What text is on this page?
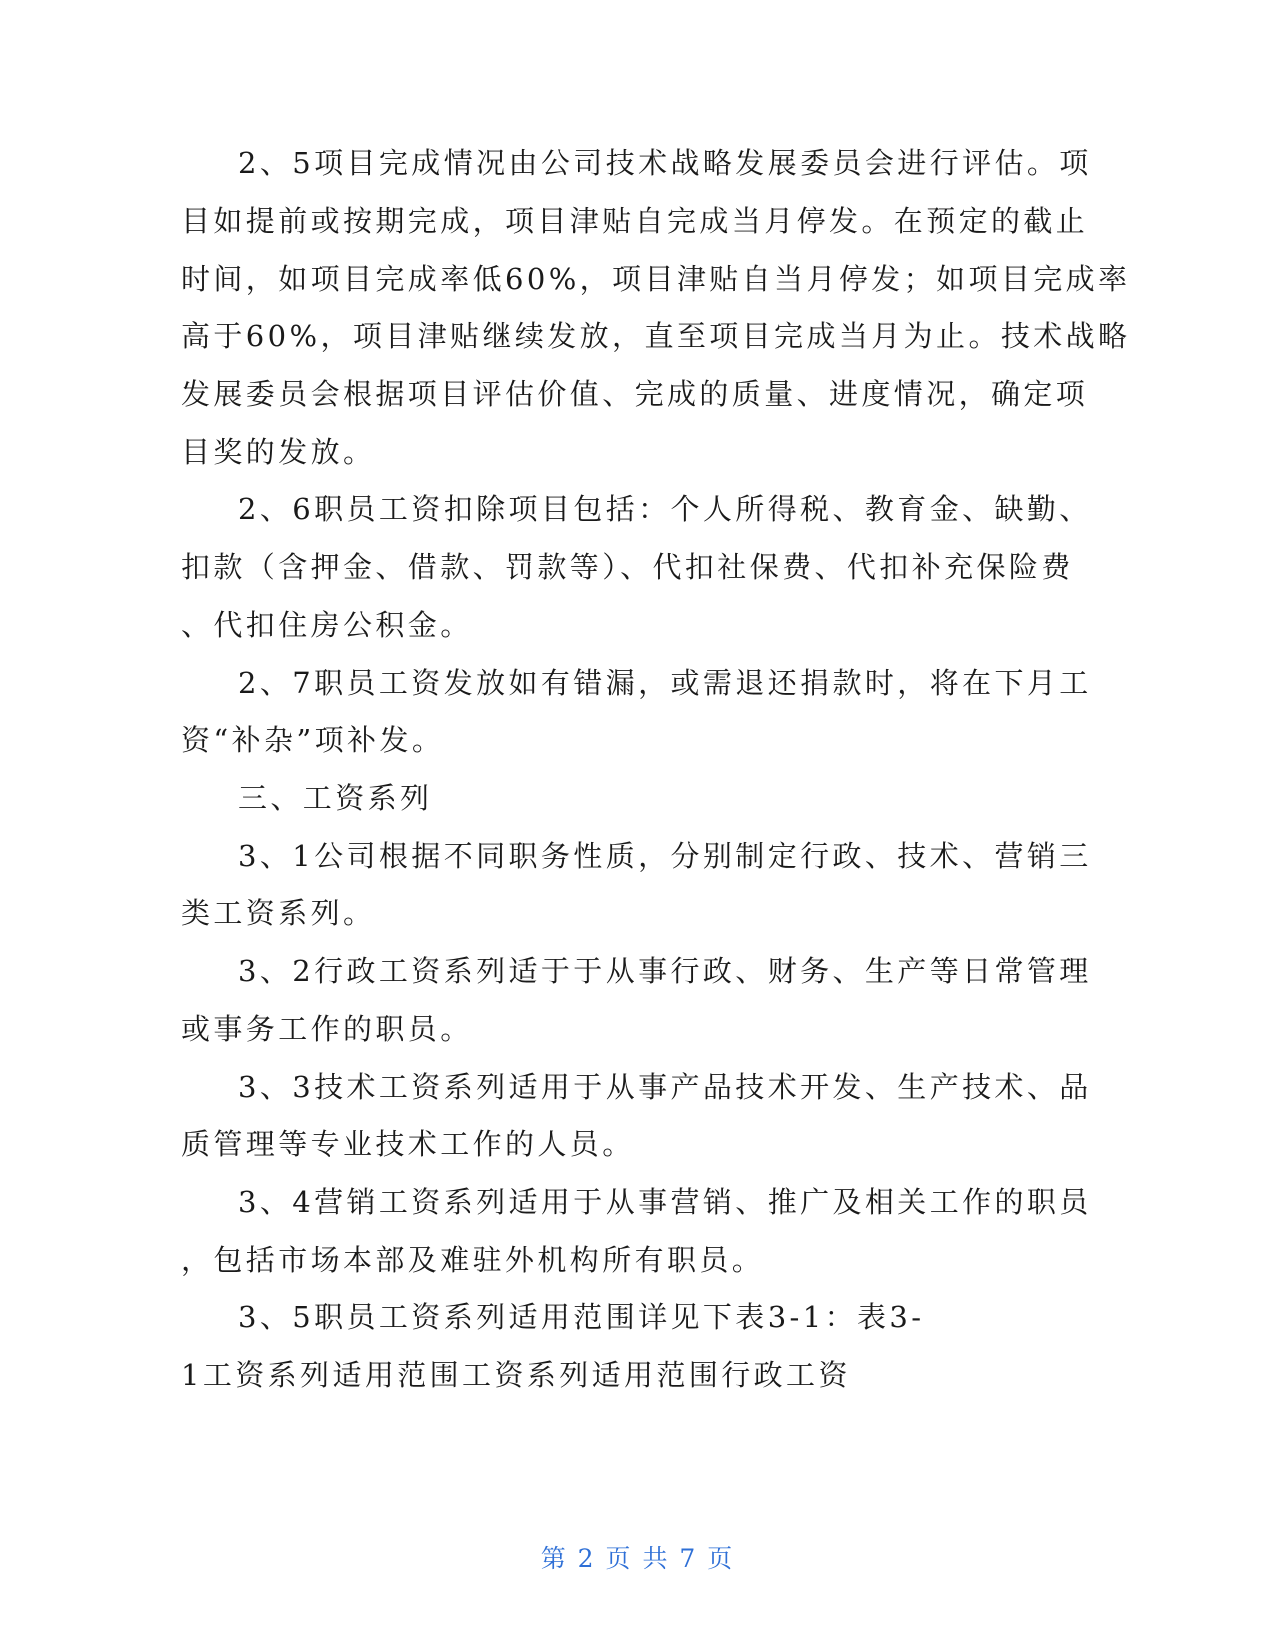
2、5项目完成情况由公司技术战略发展委员会进行评估。项
目如提前或按期完成，项目津贴自完成当月停发。在预定的截止
时间，如项目完成率低60%，项目津贴自当月停发；如项目完成率
高于60%，项目津贴继续发放，直至项目完成当月为止。技术战略
发展委员会根据项目评估价值、完成的质量、进度情况，确定项
目奖的发放。
2、6职员工资扣除项目包括：个人所得税、教育金、缺勤、
扣款（含押金、借款、罚款等）、代扣社保费、代扣补充保险费
、代扣住房公积金。
2、7职员工资发放如有错漏，或需退还捐款时，将在下月工
资“补杂”项补发。
三、工资系列
3、1公司根据不同职务性质，分别制定行政、技术、营销三
类工资系列。
3、2行政工资系列适于于从事行政、财务、生产等日常管理
或事务工作的职员。
3、3技术工资系列适用于从事产品技术开发、生产技术、品
质管理等专业技术工作的人员。
3、4营销工资系列适用于从事营销、推广及相关工作的职员
，包括市场本部及难驻外机构所有职员。
3、5职员工资系列适用范围详见下表3-1：表3-
1工资系列适用范围工资系列适用范围行政工资
第 2 页 共 7 页
